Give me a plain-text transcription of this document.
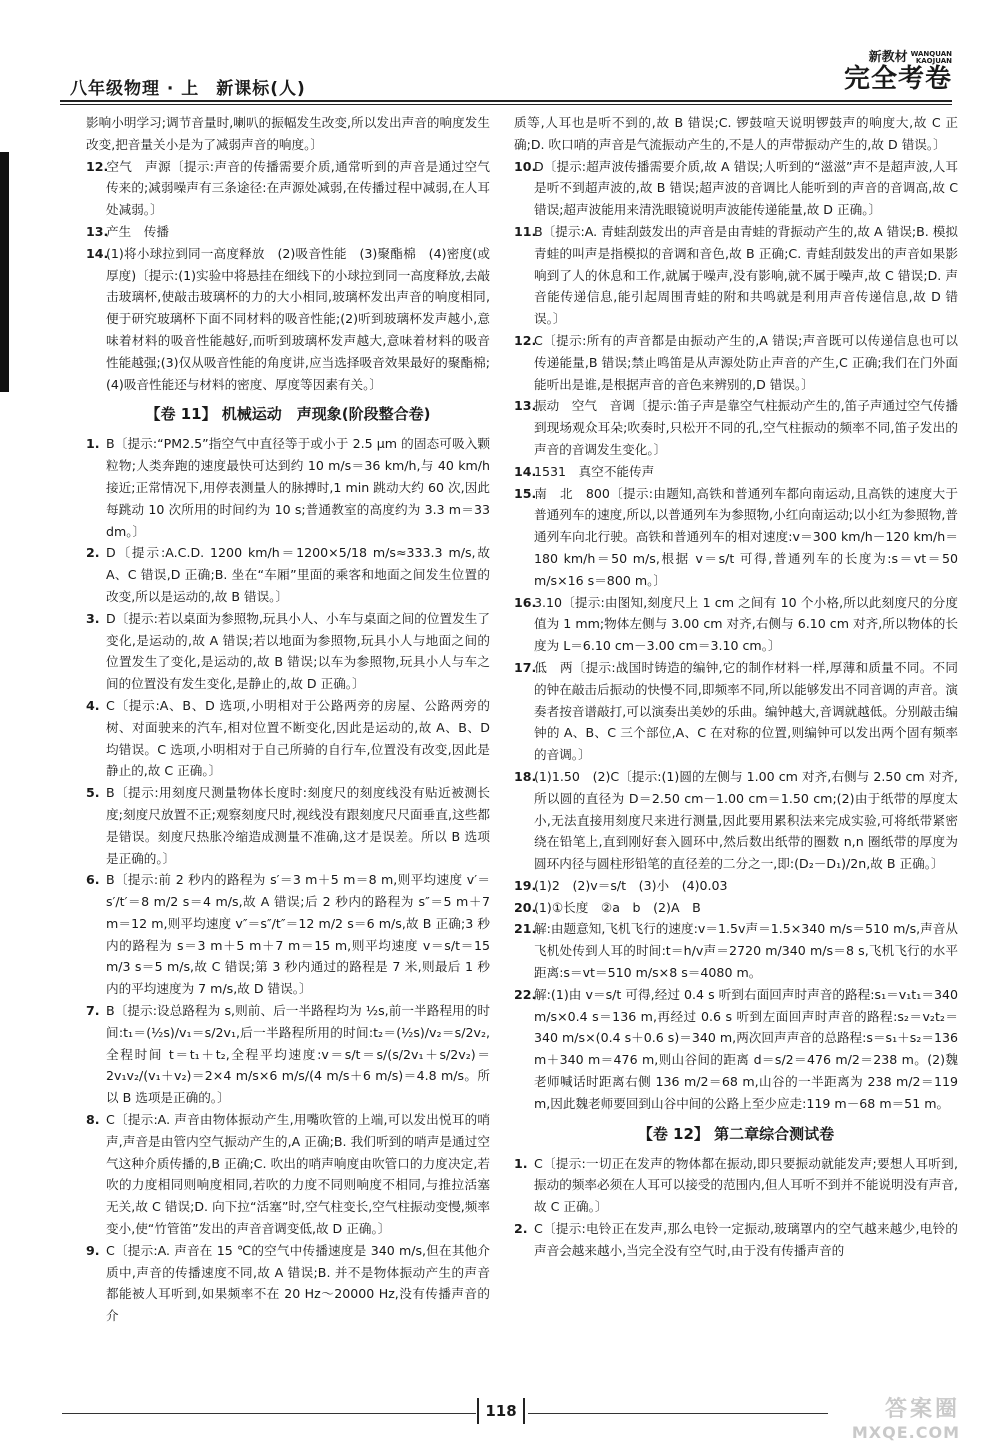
八年级物理 · 上 新课标(人)
新教材 WANQUAN
KAOJUAN
完全考卷

影响小明学习;调节音量时,喇叭的振幅发生改变,所以发出声音的响度发生改变,把音量关小是为了减弱声音的响度。〕

12.空气　声源〔提示:声音的传播需要介质,通常听到的声音是通过空气传来的;减弱噪声有三条途径:在声源处减弱,在传播过程中减弱,在人耳处减弱。〕

13.产生　传播

14.(1)将小球拉到同一高度释放　(2)吸音性能　(3)聚酯棉　(4)密度(或厚度)〔提示:(1)实验中将悬挂在细线下的小球拉到同一高度释放,去敲击玻璃杯,使敲击玻璃杯的力的大小相同,玻璃杯发出声音的响度相同,便于研究玻璃杯下面不同材料的吸音性能;(2)听到玻璃杯发声越小,意味着材料的吸音性能越好,而听到玻璃杯发声越大,意味着材料的吸音性能越强;(3)仅从吸音性能的角度讲,应当选择吸音效果最好的聚酯棉;(4)吸音性能还与材料的密度、厚度等因素有关。〕

【卷 11】 机械运动　声现象(阶段整合卷)

1. B〔提示:“PM2.5”指空气中直径等于或小于 2.5 μm 的固态可吸入颗粒物;人类奔跑的速度最快可达到约 10 m/s＝36 km/h,与 40 km/h 接近;正常情况下,用停表测量人的脉搏时,1 min 跳动大约 60 次,因此每跳动 10 次所用的时间约为 10 s;普通教室的高度约为 3.3 m＝33 dm。〕

2. D〔提示:A.C.D. 1200 km/h＝1200×5/18 m/s≈333.3 m/s,故 A、C 错误,D 正确;B. 坐在“车厢”里面的乘客和地面之间发生位置的改变,所以是运动的,故 B 错误。〕

3. D〔提示:若以桌面为参照物,玩具小人、小车与桌面之间的位置发生了变化,是运动的,故 A 错误;若以地面为参照物,玩具小人与地面之间的位置发生了变化,是运动的,故 B 错误;以车为参照物,玩具小人与车之间的位置没有发生变化,是静止的,故 D 正确。〕

4. C〔提示:A、B、D 选项,小明相对于公路两旁的房屋、公路两旁的树、对面驶来的汽车,相对位置不断变化,因此是运动的,故 A、B、D 均错误。C 选项,小明相对于自己所骑的自行车,位置没有改变,因此是静止的,故 C 正确。〕

5. B〔提示:用刻度尺测量物体长度时:刻度尺的刻度线没有贴近被测长度;刻度尺放置不正;观察刻度尺时,视线没有跟刻度尺尺面垂直,这些都是错误。刻度尺热胀冷缩造成测量不准确,这才是误差。所以 B 选项是正确的。〕

6. B〔提示:前 2 秒内的路程为 s′＝3 m＋5 m＝8 m,则平均速度 v′＝s′/t′＝8 m/2 s＝4 m/s,故 A 错误;后 2 秒内的路程为 s″＝5 m＋7 m＝12 m,则平均速度 v″＝s″/t″＝12 m/2 s＝6 m/s,故 B 正确;3 秒内的路程为 s＝3 m＋5 m＋7 m＝15 m,则平均速度 v＝s/t＝15 m/3 s＝5 m/s,故 C 错误;第 3 秒内通过的路程是 7 米,则最后 1 秒内的平均速度为 7 m/s,故 D 错误。〕

7. B〔提示:设总路程为 s,则前、后一半路程均为 ½s,前一半路程用的时间:t₁＝(½s)/v₁＝s/2v₁,后一半路程所用的时间:t₂＝(½s)/v₂＝s/2v₂,全程时间 t＝t₁＋t₂,全程平均速度:v＝s/t＝s/(s/2v₁＋s/2v₂)＝2v₁v₂/(v₁＋v₂)＝2×4 m/s×6 m/s/(4 m/s＋6 m/s)＝4.8 m/s。所以 B 选项是正确的。〕

8. C〔提示:A. 声音由物体振动产生,用嘴吹管的上端,可以发出悦耳的哨声,声音是由管内空气振动产生的,A 正确;B. 我们听到的哨声是通过空气这种介质传播的,B 正确;C. 吹出的哨声响度由吹管口的力度决定,若吹的力度相同则响度相同,若吹的力度不同则响度不相同,与推拉活塞无关,故 C 错误;D. 向下拉“活塞”时,空气柱变长,空气柱振动变慢,频率变小,使“竹管笛”发出的声音音调变低,故 D 正确。〕

9. C〔提示:A. 声音在 15 ℃的空气中传播速度是 340 m/s,但在其他介质中,声音的传播速度不同,故 A 错误;B. 并不是物体振动产生的声音都能被人耳听到,如果频率不在 20 Hz～20000 Hz,没有传播声音的介

质等,人耳也是听不到的,故 B 错误;C. 锣鼓喧天说明锣鼓声的响度大,故 C 正确;D. 吹口哨的声音是气流振动产生的,不是人的声带振动产生的,故 D 错误。〕

10.D〔提示:超声波传播需要介质,故 A 错误;人听到的“滋滋”声不是超声波,人耳是听不到超声波的,故 B 错误;超声波的音调比人能听到的声音的音调高,故 C 错误;超声波能用来清洗眼镜说明声波能传递能量,故 D 正确。〕

11.B〔提示:A. 青蛙刮鼓发出的声音是由青蛙的背振动产生的,故 A 错误;B. 模拟青蛙的叫声是指模拟的音调和音色,故 B 正确;C. 青蛙刮鼓发出的声音如果影响到了人的休息和工作,就属于噪声,没有影响,就不属于噪声,故 C 错误;D. 声音能传递信息,能引起周围青蛙的附和共鸣就是利用声音传递信息,故 D 错误。〕

12.C〔提示:所有的声音都是由振动产生的,A 错误;声音既可以传递信息也可以传递能量,B 错误;禁止鸣笛是从声源处防止声音的产生,C 正确;我们在门外面能听出是谁,是根据声音的音色来辨别的,D 错误。〕

13.振动　空气　音调〔提示:笛子声是靠空气柱振动产生的,笛子声通过空气传播到现场观众耳朵;吹奏时,只松开不同的孔,空气柱振动的频率不同,笛子发出的声音的音调发生变化。〕

14.1531　真空不能传声

15.南　北　800〔提示:由题知,高铁和普通列车都向南运动,且高铁的速度大于普通列车的速度,所以,以普通列车为参照物,小红向南运动;以小红为参照物,普通列车向北行驶。高铁和普通列车的相对速度:v＝300 km/h－120 km/h＝180 km/h＝50 m/s,根据 v＝s/t 可得,普通列车的长度为:s＝vt＝50 m/s×16 s＝800 m。〕

16.3.10〔提示:由图知,刻度尺上 1 cm 之间有 10 个小格,所以此刻度尺的分度值为 1 mm;物体左侧与 3.00 cm 对齐,右侧与 6.10 cm 对齐,所以物体的长度为 L＝6.10 cm－3.00 cm＝3.10 cm。〕

17.低　两〔提示:战国时铸造的编钟,它的制作材料一样,厚薄和质量不同。不同的钟在敲击后振动的快慢不同,即频率不同,所以能够发出不同音调的声音。演奏者按音谱敲打,可以演奏出美妙的乐曲。编钟越大,音调就越低。分别敲击编钟的 A、B、C 三个部位,A、C 在对称的位置,则编钟可以发出两个固有频率的音调。〕

18.(1)1.50　(2)C〔提示:(1)圆的左侧与 1.00 cm 对齐,右侧与 2.50 cm 对齐,所以圆的直径为 D＝2.50 cm－1.00 cm＝1.50 cm;(2)由于纸带的厚度太小,无法直接用刻度尺来进行测量,因此要用累积法来完成实验,可将纸带紧密绕在铅笔上,直到刚好套入圆环中,然后数出纸带的圈数 n,n 圈纸带的厚度为圆环内径与圆柱形铅笔的直径差的二分之一,即:(D₂－D₁)/2n,故 B 正确。〕

19.(1)2　(2)v＝s/t　(3)小　(4)0.03

20.(1)①长度　②a　b　(2)A　B

21.解:由题意知,飞机飞行的速度:v＝1.5v声＝1.5×340 m/s＝510 m/s,声音从飞机处传到人耳的时间:t＝h/v声＝2720 m/340 m/s＝8 s,飞机飞行的水平距离:s＝vt＝510 m/s×8 s＝4080 m。

22.解:(1)由 v＝s/t 可得,经过 0.4 s 听到右面回声时声音的路程:s₁＝v₁t₁＝340 m/s×0.4 s＝136 m,再经过 0.6 s 听到左面回声时声音的路程:s₂＝v₂t₂＝340 m/s×(0.4 s＋0.6 s)＝340 m,两次回声声音的总路程:s＝s₁＋s₂＝136 m＋340 m＝476 m,则山谷间的距离 d＝s/2＝476 m/2＝238 m。(2)魏老师喊话时距离右侧 136 m/2＝68 m,山谷的一半距离为 238 m/2＝119 m,因此魏老师要回到山谷中间的公路上至少应走:119 m－68 m＝51 m。

【卷 12】 第二章综合测试卷

1. C〔提示:一切正在发声的物体都在振动,即只要振动就能发声;要想人耳听到,振动的频率必须在人耳可以接受的范围内,但人耳听不到并不能说明没有声音,故 C 正确。〕

2. C〔提示:电铃正在发声,那么电铃一定振动,玻璃罩内的空气越来越少,电铃的声音会越来越小,当完全没有空气时,由于没有传播声音的

118	答案圈
MXQE.COM
